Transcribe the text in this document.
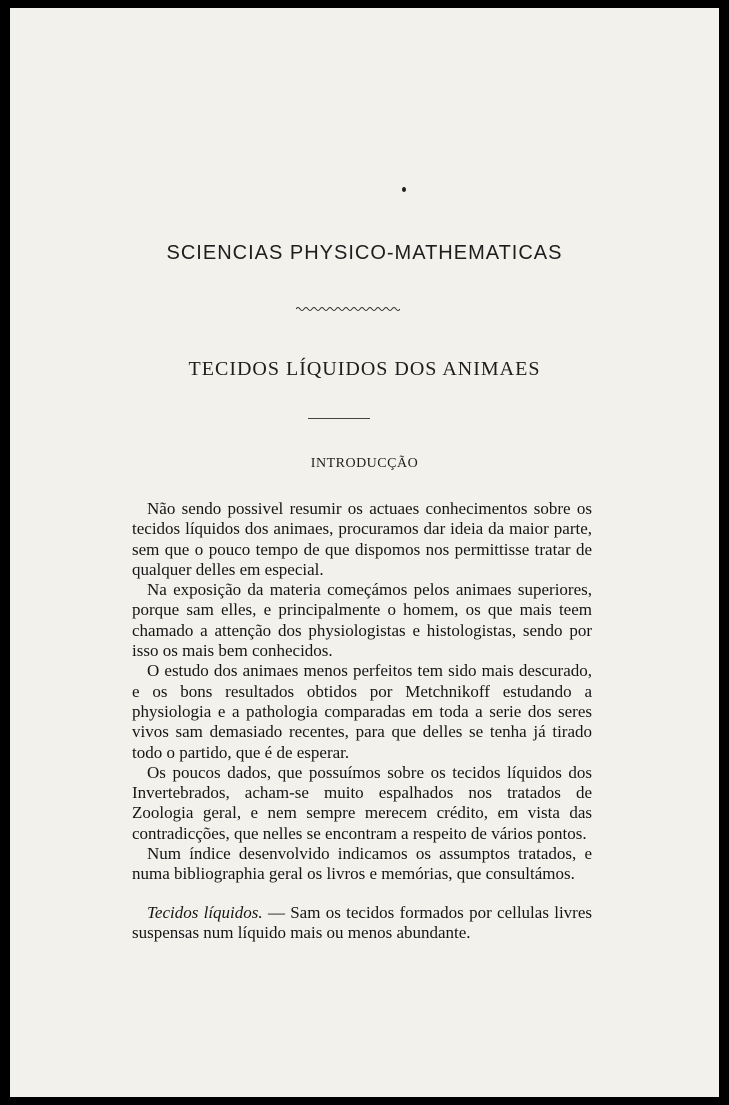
SCIENCIAS PHYSICO-MATHEMATICAS
TECIDOS LÍQUIDOS DOS ANIMAES
INTRODUCÇÃO

Não sendo possivel resumir os actuaes conhecimentos sobre os tecidos líquidos dos animaes, procuramos dar ideia da maior parte, sem que o pouco tempo de que dispomos nos permittisse tratar de qualquer delles em especial.

Na exposição da materia começámos pelos animaes superiores, porque sam elles, e principalmente o homem, os que mais teem chamado a attenção dos physiologistas e histologistas, sendo por isso os mais bem conhecidos.

O estudo dos animaes menos perfeitos tem sido mais descurado, e os bons resultados obtidos por Metchnikoff estudando a physiologia e a pathologia comparadas em toda a serie dos seres vivos sam demasiado recentes, para que delles se tenha já tirado todo o partido, que é de esperar.

Os poucos dados, que possuímos sobre os tecidos líquidos dos Invertebrados, acham-se muito espalhados nos tratados de Zoologia geral, e nem sempre merecem crédito, em vista das contradicções, que nelles se encontram a respeito de vários pontos.

Num índice desenvolvido indicamos os assumptos tratados, e numa bibliographia geral os livros e memórias, que consultámos.

Tecidos líquidos. — Sam os tecidos formados por cellulas livres suspensas num líquido mais ou menos abundante.
